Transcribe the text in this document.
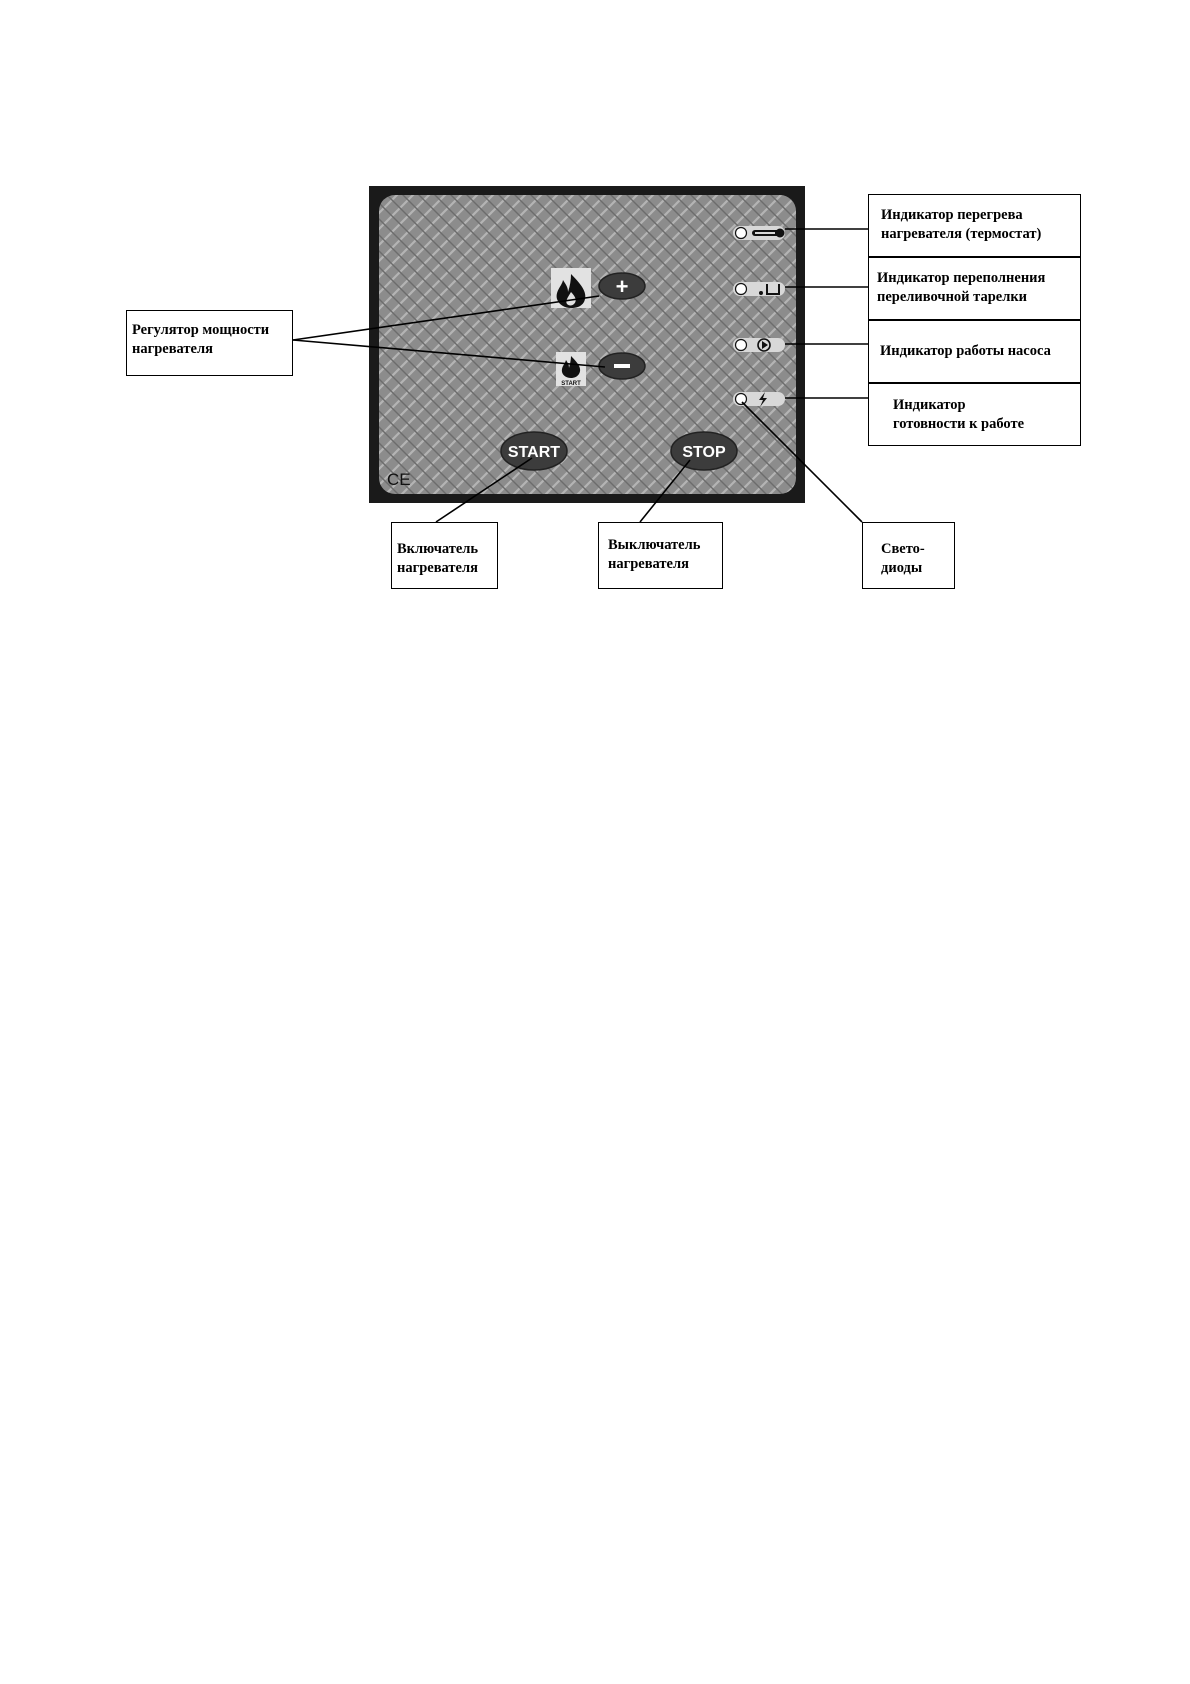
+
START
START	STOP
CE
Регулятор мощности
нагревателя
Индикатор перегрева
нагревателя (термостат)
Индикатор переполнения
переливочной тарелки
Индикатор работы насоса
Индикатор
готовности к работе
Включатель
нагревателя
Выключатель
нагревателя
Свето-
диоды
